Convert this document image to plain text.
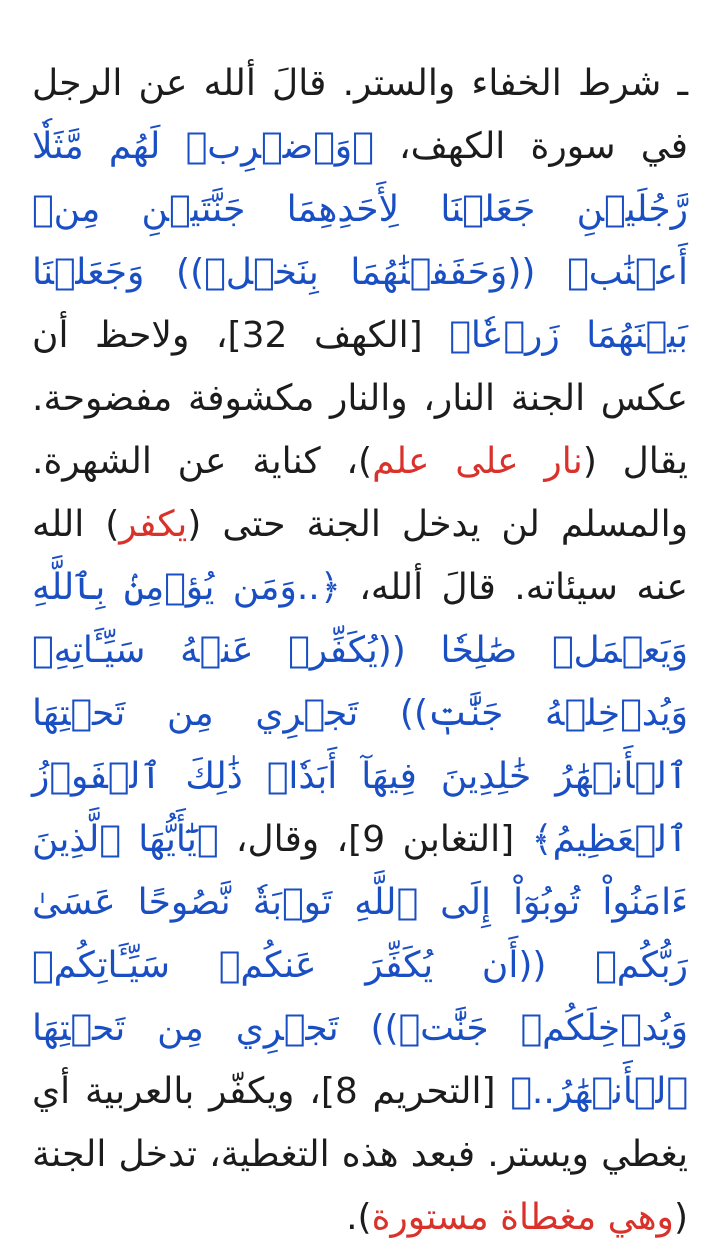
ـ شرط الخفاء والستر. قالَ ألله عن الرجل في سورة الكهف، ﴿وَٱضۡرِبۡ لَهُم مَّثَلٗا رَّجُلَيۡنِ جَعَلۡنَا لِأَحَدِهِمَا جَنَّتَيۡنِ مِنۡ أَعۡنَٰبٖ ((وَحَفَفۡنَٰهُمَا بِنَخۡلٖ)) وَجَعَلۡنَا بَيۡنَهُمَا زَرۡعٗا﴾ [الكهف 32]، ولاحظ أن عكس الجنة النار، والنار مكشوفة مفضوحة. يقال (نار على علم)، كناية عن الشهرة. والمسلم لن يدخل الجنة حتى (يكفر) الله عنه سيئاته. قالَ ألله، ﴿..وَمَن يُؤۡمِنۢ بِٱللَّهِ وَيَعۡمَلۡ صَٰلِحٗا ((يُكَفِّرۡ عَنۡهُ سَيِّـَٔاتِهِۦ وَيُدۡخِلۡهُ جَنَّٰتٖ)) تَجۡرِي مِن تَحۡتِهَا ٱلۡأَنۡهَٰرُ خَٰلِدِينَ فِيهَآ أَبَدٗاۚ ذَٰلِكَ ٱلۡفَوۡزُ ٱلۡعَظِيمُ﴾ [التغابن 9]، وقال، ﴿يَٰٓأَيُّهَا ٱلَّذِينَ ءَامَنُواْ تُوبُوٓاْ إِلَى ٱللَّهِ تَوۡبَةٗ نَّصُوحًا عَسَىٰ رَبُّكُمۡ ((أَن يُكَفِّرَ عَنكُمۡ سَيِّـَٔاتِكُمۡ وَيُدۡخِلَكُمۡ جَنَّٰتٖ)) تَجۡرِي مِن تَحۡتِهَا ٱلۡأَنۡهَٰرُ..﴾ [التحريم 8]، ويكفّر بالعربية أي يغطي ويستر. فبعد هذه التغطية، تدخل الجنة (وهي مغطاة مستورة).
